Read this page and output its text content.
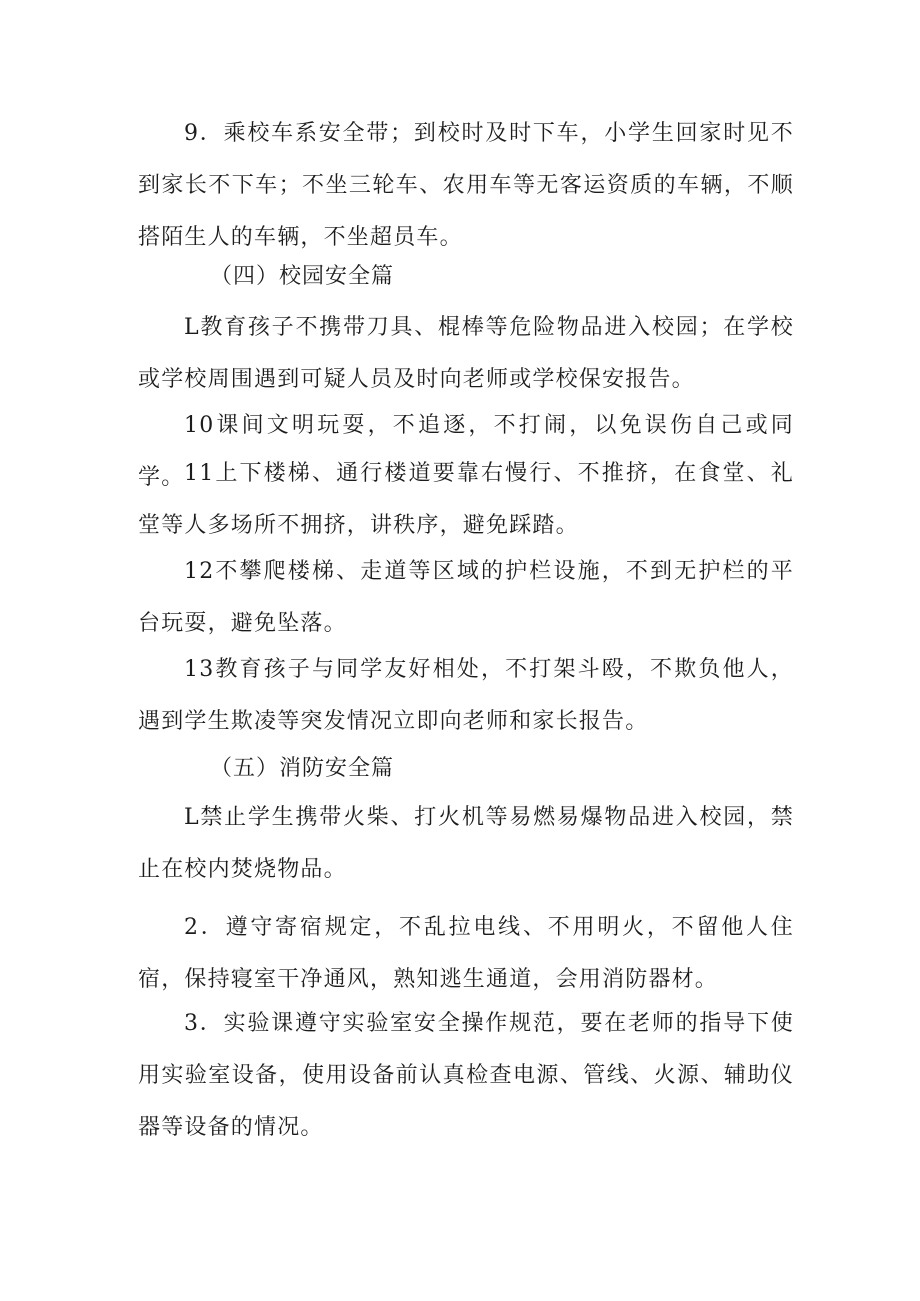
9．乘校车系安全带；到校时及时下车，小学生回家时见不到家长不下车；不坐三轮车、农用车等无客运资质的车辆，不顺搭陌生人的车辆，不坐超员车。

（四）校园安全篇

L教育孩子不携带刀具、棍棒等危险物品进入校园；在学校或学校周围遇到可疑人员及时向老师或学校保安报告。

10课间文明玩耍，不追逐，不打闹，以免误伤自己或同学。 11上下楼梯、通行楼道要靠右慢行、不推挤，在食堂、礼堂等人多场所不拥挤，讲秩序，避免踩踏。

12不攀爬楼梯、走道等区域的护栏设施，不到无护栏的平台玩耍，避免坠落。

13教育孩子与同学友好相处，不打架斗殴，不欺负他人，遇到学生欺凌等突发情况立即向老师和家长报告。

（五）消防安全篇

L禁止学生携带火柴、打火机等易燃易爆物品进入校园，禁止在校内焚烧物品。

2．遵守寄宿规定，不乱拉电线、不用明火，不留他人住宿，保持寝室干净通风，熟知逃生通道，会用消防器材。

3．实验课遵守实验室安全操作规范，要在老师的指导下使用实验室设备，使用设备前认真检查电源、管线、火源、辅助仪器等设备的情况。
